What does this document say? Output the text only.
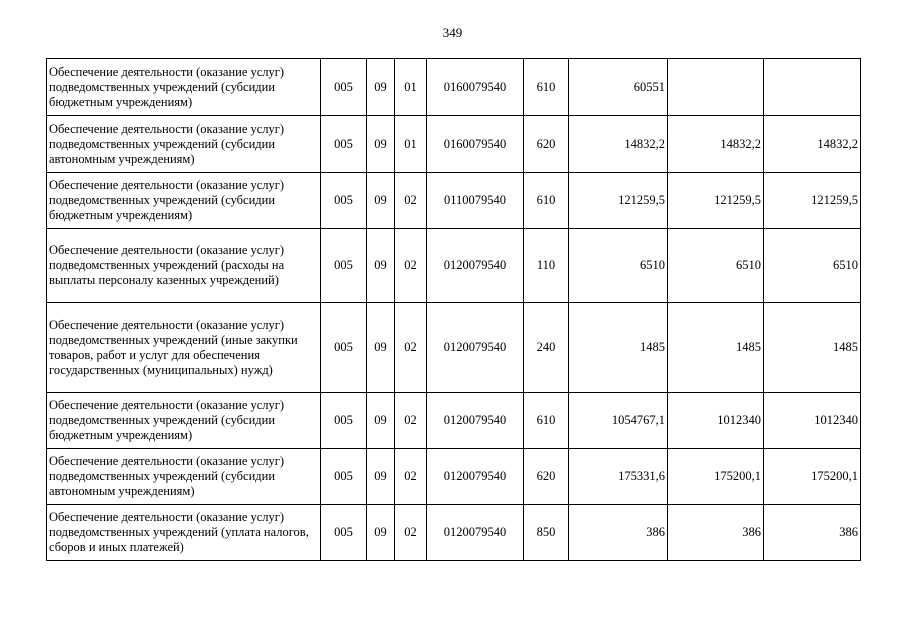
349
Обеспечение деятельности (оказание услуг) подведомственных учреждений (субсидии бюджетным учреждениям)	005	09	01	0160079540	610	60551		
Обеспечение деятельности (оказание услуг) подведомственных учреждений (субсидии автономным учреждениям)	005	09	01	0160079540	620	14832,2	14832,2	14832,2
Обеспечение деятельности (оказание услуг) подведомственных учреждений (субсидии бюджетным учреждениям)	005	09	02	0110079540	610	121259,5	121259,5	121259,5
Обеспечение деятельности (оказание услуг) подведомственных учреждений (расходы на выплаты персоналу казенных учреждений)	005	09	02	0120079540	110	6510	6510	6510
Обеспечение деятельности (оказание услуг) подведомственных учреждений (иные закупки товаров, работ и услуг для обеспечения государственных (муниципальных) нужд)	005	09	02	0120079540	240	1485	1485	1485
Обеспечение деятельности (оказание услуг) подведомственных учреждений (субсидии бюджетным учреждениям)	005	09	02	0120079540	610	1054767,1	1012340	1012340
Обеспечение деятельности (оказание услуг) подведомственных учреждений (субсидии автономным учреждениям)	005	09	02	0120079540	620	175331,6	175200,1	175200,1
Обеспечение деятельности (оказание услуг) подведомственных учреждений (уплата налогов, сборов и иных платежей)	005	09	02	0120079540	850	386	386	386
